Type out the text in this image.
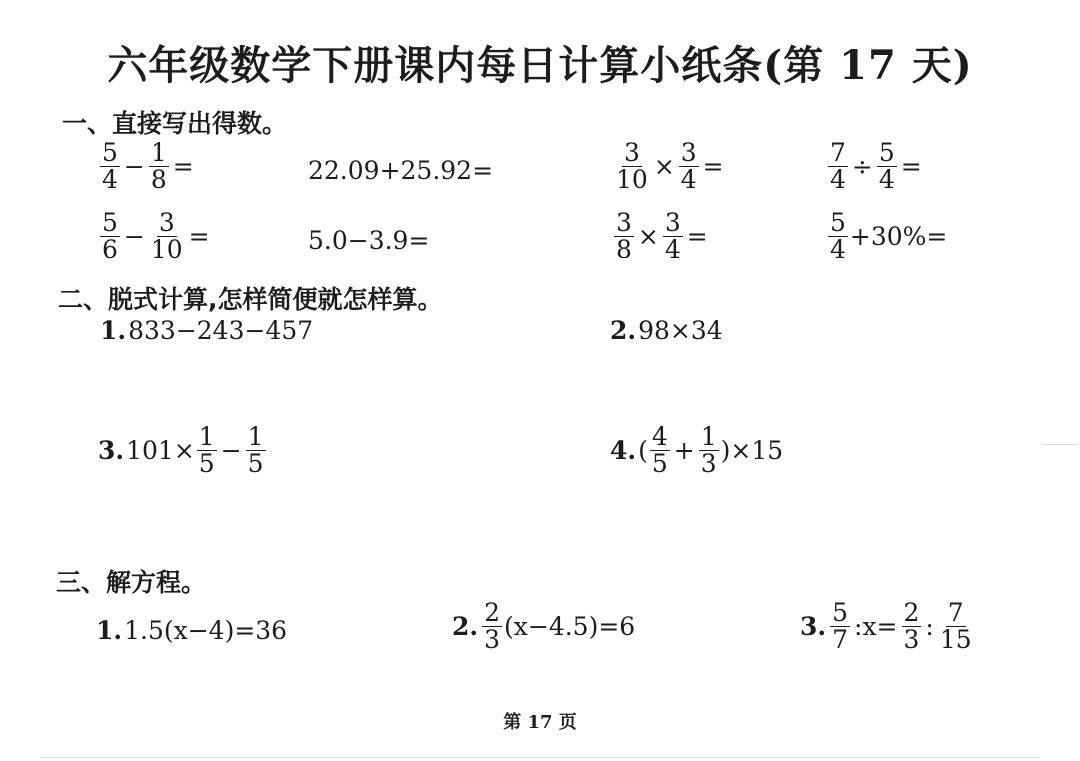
六年级数学下册课内每日计算小纸条(第 17 天)
一、直接写出得数。
$\frac{5}{4} - \frac{1}{8}$ =	22.09+25.92=	$\frac{3}{10} \times \frac{3}{4}$ =	$\frac{7}{4} \div \frac{5}{4}$ =
$\frac{5}{6} - \frac{3}{10}$ =	5.0−3.9=	$\frac{3}{8} \times \frac{3}{4}$ =	$\frac{5}{4} +30\%=$
二、脱式计算,怎样简便就怎样算。
1. 833−243−457	2. 98×34
3. $101\times \frac{1}{5} - \frac{1}{5}$	4. ( $\frac{4}{5} + \frac{1}{3} )\times 15$
三、解方程。
1. 1.5(x−4)=36	2. $\frac{2}{3} (x-4.5)=6$	3. $\frac{5}{7}$ :x= $\frac{2}{3}$ : $\frac{7}{15}$
第 17 页
